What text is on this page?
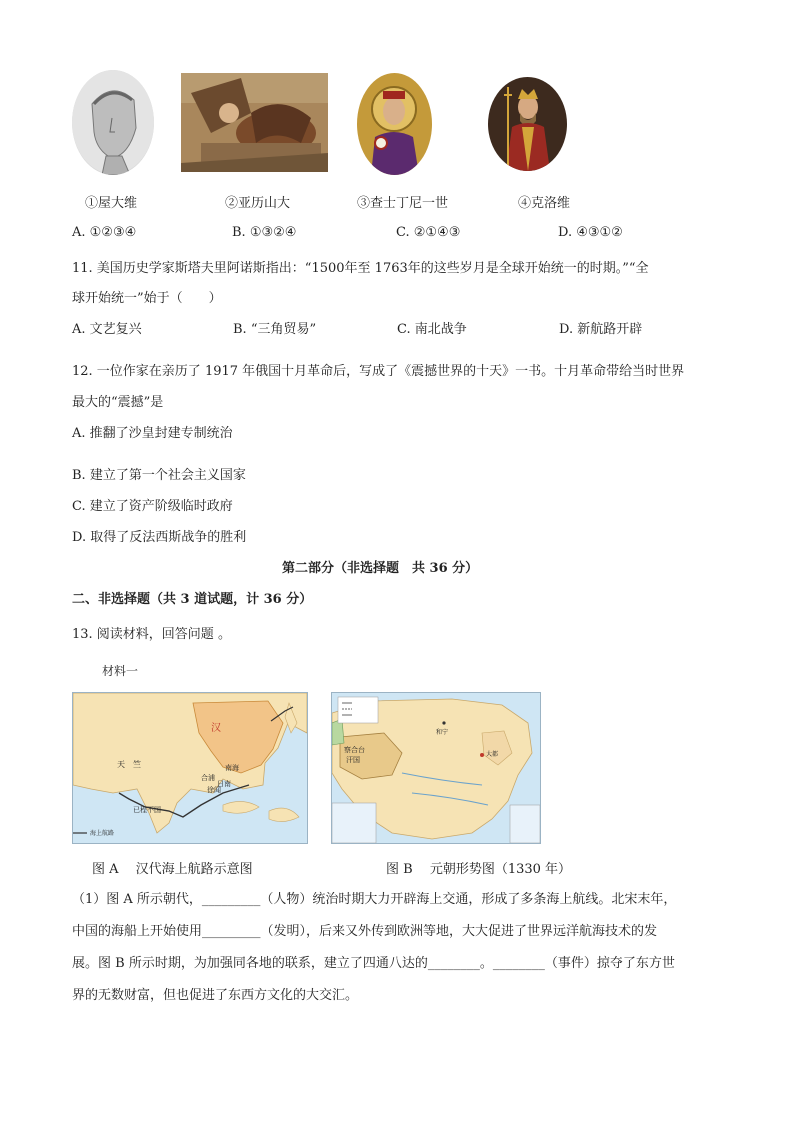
①屋大维	②亚历山大	③查士丁尼一世	④克洛维
A. ①②③④	B. ①③②④	C. ②①④③	D. ④③①②
11. 美国历史学家斯塔夫里阿诺斯指出：“1500年至 1763年的这些岁月是全球开始统一的时期。”“全
球开始统一”始于（　　）
A. 文艺复兴	B. “三角贸易”	C. 南北战争	D. 新航路开辟
12. 一位作家在亲历了 1917 年俄国十月革命后，写成了《震撼世界的十天》一书。十月革命带给当时世界
最大的“震撼”是
A. 推翻了沙皇封建专制统治
B. 建立了第一个社会主义国家
C. 建立了资产阶级临时政府
D. 取得了反法西斯战争的胜利
第二部分（非选择题　共 36 分）
二、非选择题（共 3 道试题，计 36 分）
13. 阅读材料，回答问题 。
材料一
汉
天　竺
日南
南海
徐闻
合浦
已程不国
海上航路
察合台
汗国
和宁
大都
图 A　 汉代海上航路示意图	图 B　 元朝形势图（1330 年）
（1）图 A 所示朝代，_________（人物）统治时期大力开辟海上交通，形成了多条海上航线。北宋末年，
中国的海船上开始使用_________（发明），后来又外传到欧洲等地，大大促进了世界远洋航海技术的发
展。图 B 所示时期，为加强同各地的联系，建立了四通八达的________。________（事件）掠夺了东方世
界的无数财富，但也促进了东西方文化的大交汇。
